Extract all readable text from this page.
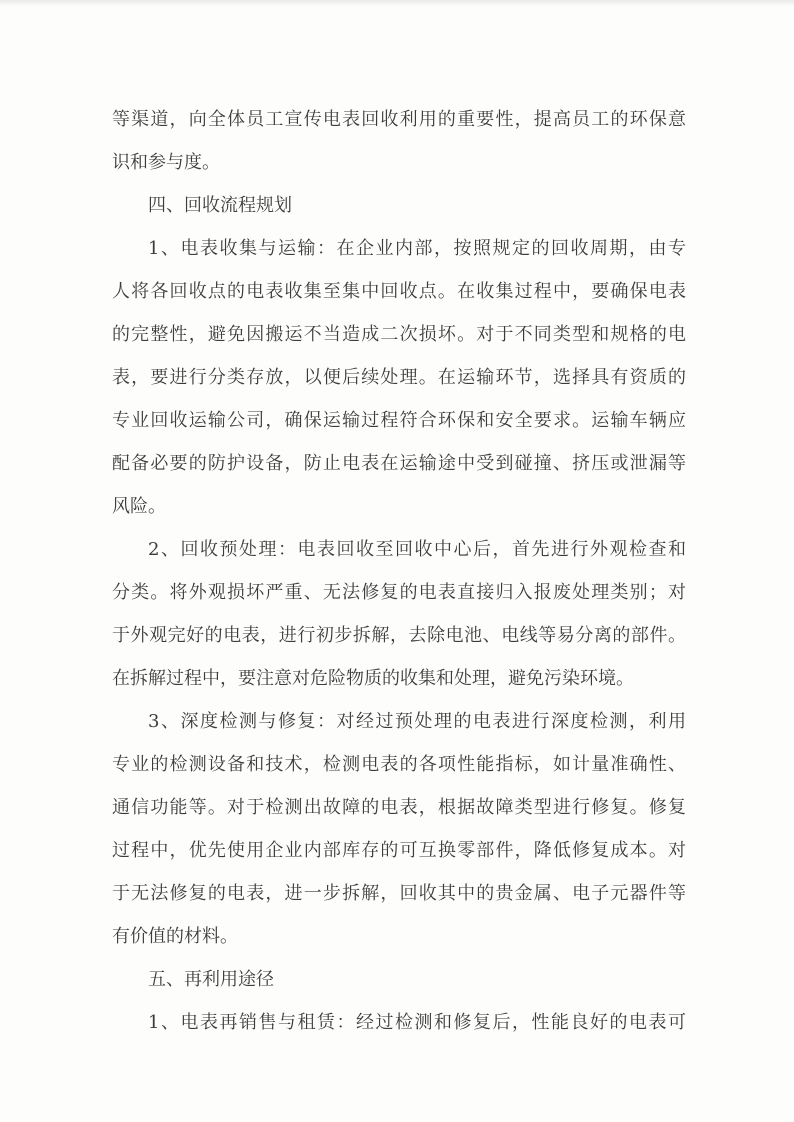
等渠道，向全体员工宣传电表回收利用的重要性，提高员工的环保意
识和参与度。
四、回收流程规划
1、电表收集与运输：在企业内部，按照规定的回收周期，由专
人将各回收点的电表收集至集中回收点。在收集过程中，要确保电表
的完整性，避免因搬运不当造成二次损坏。对于不同类型和规格的电
表，要进行分类存放，以便后续处理。在运输环节，选择具有资质的
专业回收运输公司，确保运输过程符合环保和安全要求。运输车辆应
配备必要的防护设备，防止电表在运输途中受到碰撞、挤压或泄漏等
风险。
2、回收预处理：电表回收至回收中心后，首先进行外观检查和
分类。将外观损坏严重、无法修复的电表直接归入报废处理类别；对
于外观完好的电表，进行初步拆解，去除电池、电线等易分离的部件。
在拆解过程中，要注意对危险物质的收集和处理，避免污染环境。
3、深度检测与修复：对经过预处理的电表进行深度检测，利用
专业的检测设备和技术，检测电表的各项性能指标，如计量准确性、
通信功能等。对于检测出故障的电表，根据故障类型进行修复。修复
过程中，优先使用企业内部库存的可互换零部件，降低修复成本。对
于无法修复的电表，进一步拆解，回收其中的贵金属、电子元器件等
有价值的材料。
五、再利用途径
1、电表再销售与租赁：经过检测和修复后，性能良好的电表可
